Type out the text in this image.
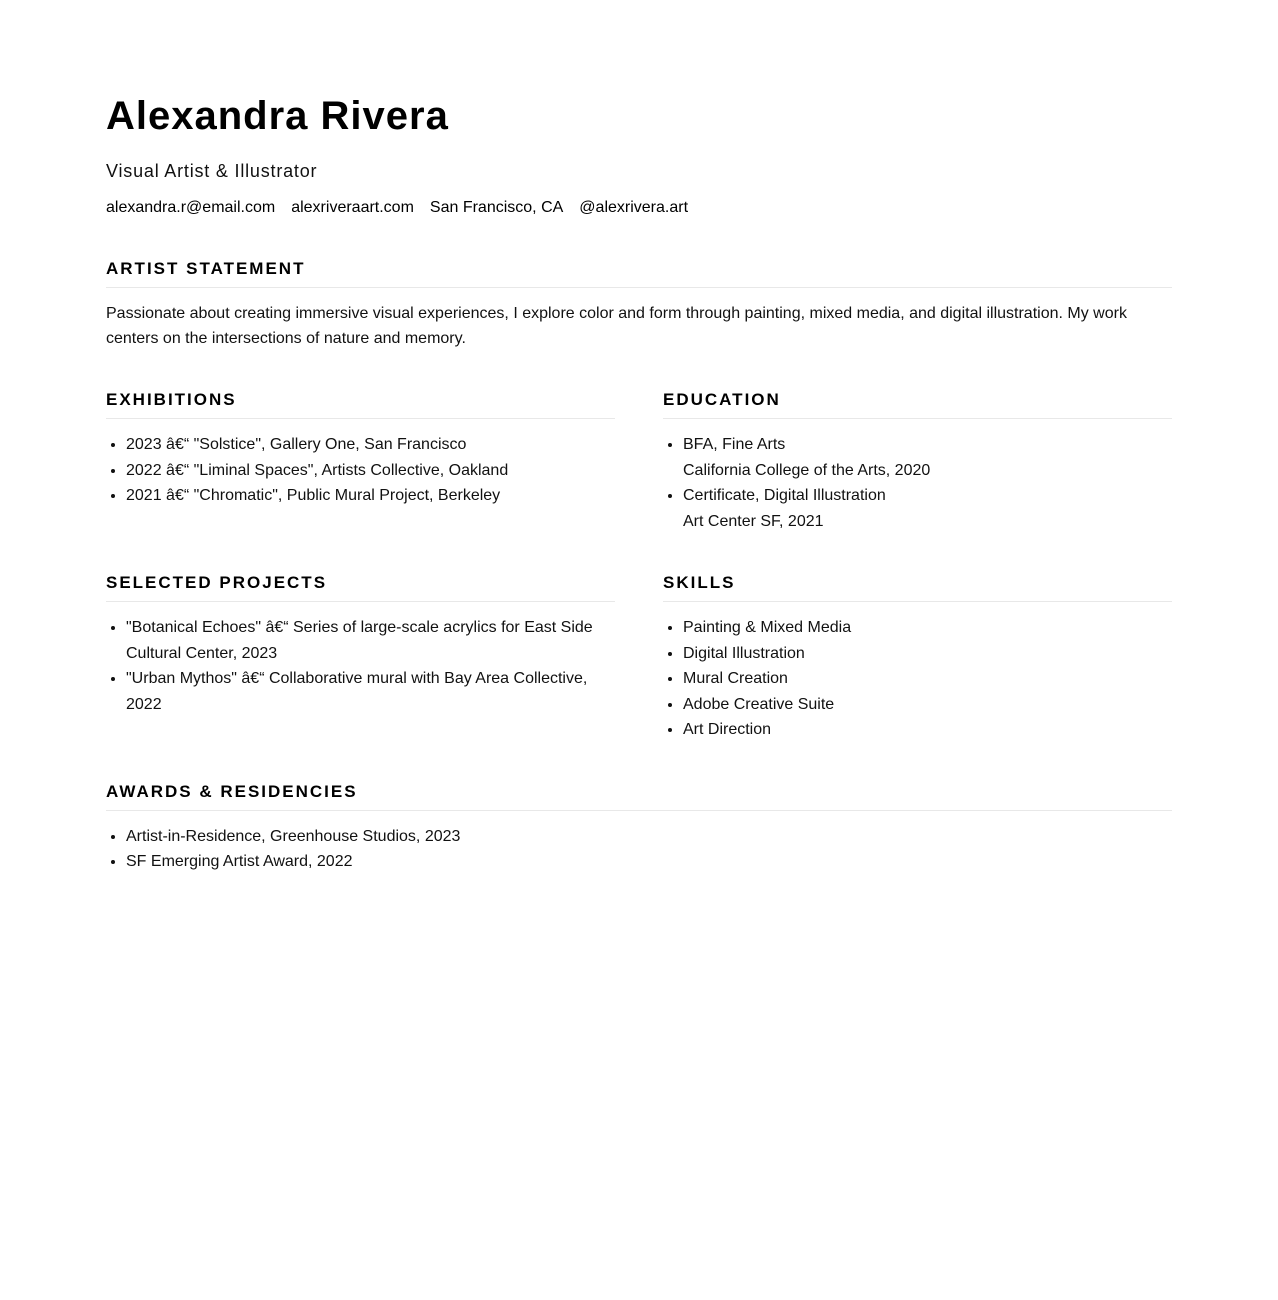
Alexandra Rivera
Visual Artist & Illustrator
alexandra.r@email.com alexriveraart.com San Francisco, CA @alexrivera.art
ARTIST STATEMENT

Passionate about creating immersive visual experiences, I explore color and form through painting, mixed media, and digital illustration. My work centers on the intersections of nature and memory.

EXHIBITIONS
• 2023 â€“ "Solstice", Gallery One, San Francisco
• 2022 â€“ "Liminal Spaces", Artists Collective, Oakland
• 2021 â€“ "Chromatic", Public Mural Project, Berkeley
EDUCATION
• BFA, Fine Arts
California College of the Arts, 2020
• Certificate, Digital Illustration
Art Center SF, 2021
SELECTED PROJECTS
• "Botanical Echoes" â€“ Series of large-scale acrylics for East Side Cultural Center, 2023
• "Urban Mythos" â€“ Collaborative mural with Bay Area Collective, 2022
SKILLS
• Painting & Mixed Media
• Digital Illustration
• Mural Creation
• Adobe Creative Suite
• Art Direction
AWARDS & RESIDENCIES
• Artist-in-Residence, Greenhouse Studios, 2023
• SF Emerging Artist Award, 2022
